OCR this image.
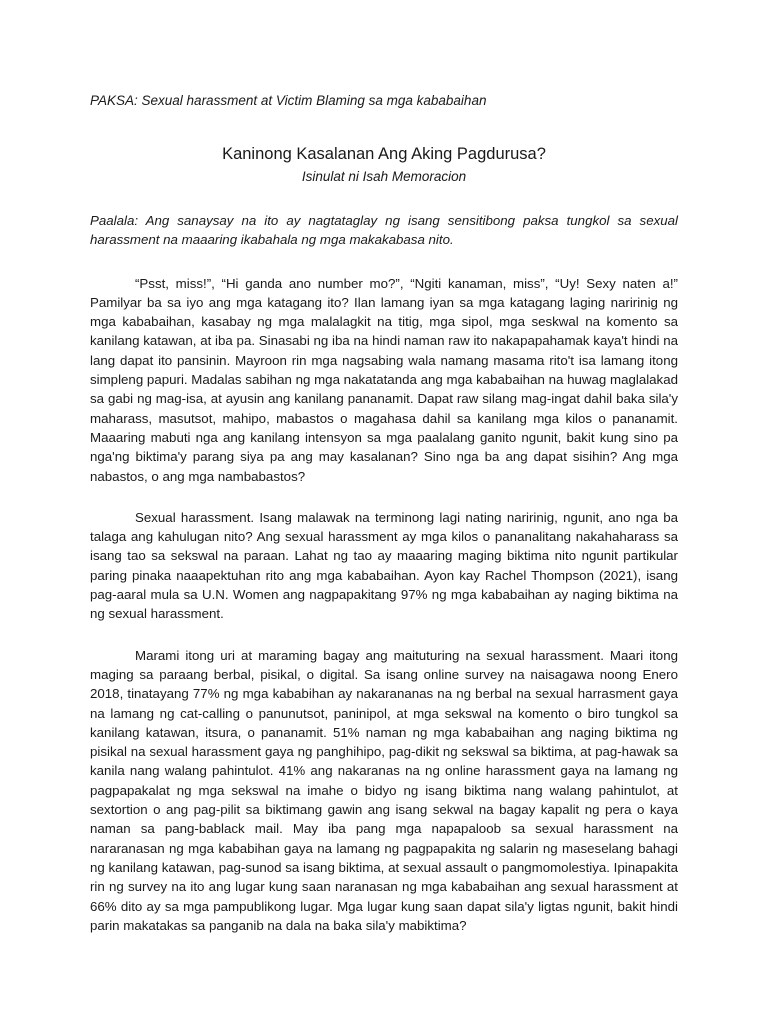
PAKSA: Sexual harassment at Victim Blaming sa mga kababaihan

Kaninong Kasalanan Ang Aking Pagdurusa?

Isinulat ni Isah Memoracion

Paalala: Ang sanaysay na ito ay nagtataglay ng isang sensitibong paksa tungkol sa sexual harassment na maaaring ikabahala ng mga makakabasa nito.

“Psst, miss!”, “Hi ganda ano number mo?”, “Ngiti kanaman, miss”, “Uy! Sexy naten a!” Pamilyar ba sa iyo ang mga katagang ito? Ilan lamang iyan sa mga katagang laging naririnig ng mga kababaihan, kasabay ng mga malalagkit na titig, mga sipol, mga seskwal na komento sa kanilang katawan, at iba pa. Sinasabi ng iba na hindi naman raw ito nakapapahamak kaya't hindi na lang dapat ito pansinin. Mayroon rin mga nagsabing wala namang masama rito't isa lamang itong simpleng papuri. Madalas sabihan ng mga nakatatanda ang mga kababaihan na huwag maglalakad sa gabi ng mag-isa, at ayusin ang kanilang pananamit. Dapat raw silang mag-ingat dahil baka sila'y maharass, masutsot, mahipo, mabastos o magahasa dahil sa kanilang mga kilos o pananamit. Maaaring mabuti nga ang kanilang intensyon sa mga paalalang ganito ngunit, bakit kung sino pa nga'ng biktima'y parang siya pa ang may kasalanan? Sino nga ba ang dapat sisihin? Ang mga nabastos, o ang mga nambabastos?

Sexual harassment. Isang malawak na terminong lagi nating naririnig, ngunit, ano nga ba talaga ang kahulugan nito? Ang sexual harassment ay mga kilos o pananalitang nakahaharass sa isang tao sa sekswal na paraan. Lahat ng tao ay maaaring maging biktima nito ngunit partikular paring pinaka naaapektuhan rito ang mga kababaihan. Ayon kay Rachel Thompson (2021), isang pag-aaral mula sa U.N. Women ang nagpapakitang 97% ng mga kababaihan ay naging biktima na ng sexual harassment.

Marami itong uri at maraming bagay ang maituturing na sexual harassment. Maari itong maging sa paraang berbal, pisikal, o digital. Sa isang online survey na naisagawa noong Enero 2018, tinatayang 77% ng mga kababihan ay nakarananas na ng berbal na sexual harrasment gaya na lamang ng cat-calling o panunutsot, paninipol, at mga sekswal na komento o biro tungkol sa kanilang katawan, itsura, o pananamit. 51% naman ng mga kababaihan ang naging biktima ng pisikal na sexual harassment gaya ng panghihipo, pag-dikit ng sekswal sa biktima, at pag-hawak sa kanila nang walang pahintulot. 41% ang nakaranas na ng online harassment gaya na lamang ng pagpapakalat ng mga sekswal na imahe o bidyo ng isang biktima nang walang pahintulot, at sextortion o ang pag-pilit sa biktimang gawin ang isang sekwal na bagay kapalit ng pera o kaya naman sa pang-bablack mail. May iba pang mga napapaloob sa sexual harassment na nararanasan ng mga kababihan gaya na lamang ng pagpapakita ng salarin ng maseselang bahagi ng kanilang katawan, pag-sunod sa isang biktima, at sexual assault o pangmomolestiya. Ipinapakita rin ng survey na ito ang lugar kung saan naranasan ng mga kababaihan ang sexual harassment at 66% dito ay sa mga pampublikong lugar. Mga lugar kung saan dapat sila'y ligtas ngunit, bakit hindi parin makatakas sa panganib na dala na baka sila'y mabiktima?
